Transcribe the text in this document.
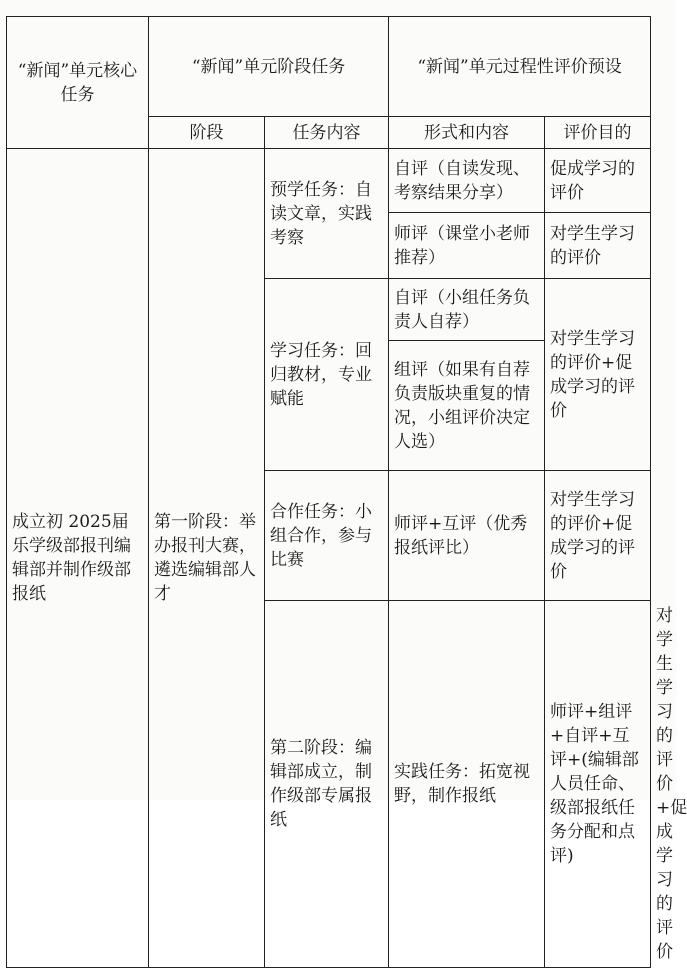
“新闻”单元核心任务	“新闻”单元阶段任务		“新闻”单元过程性评价预设		
	阶段	任务内容	形式和内容	评价目的	
成立初 2025届乐学级部报刊编辑部并制作级部报纸	第一阶段：举办报刊大赛，遴选编辑部人才	预学任务：自读文章，实践考察	自评（自读发现、考察结果分享）	促成学习的评价	
			师评（课堂小老师推荐）	对学生学习的评价	
		学习任务：回归教材，专业赋能	自评（小组任务负责人自荐）	对学生学习的评价+促成学习的评价	
			组评（如果有自荐负责版块重复的情况，小组评价决定人选）		
		合作任务：小组合作，参与比赛	师评+互评（优秀报纸评比）	对学生学习的评价+促成学习的评价	
		第二阶段：编辑部成立，制作级部专属报纸	实践任务：拓宽视野，制作报纸	师评+组评+自评+互评+(编辑部人员任命、级部报纸任务分配和点评)	对学生学习的评价+促成学习的评价
